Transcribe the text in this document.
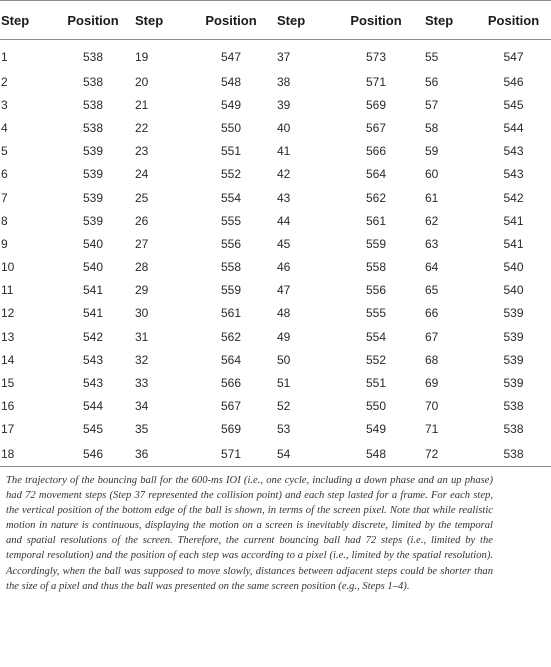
Step	Position	Step	Position	Step	Position	Step	Position
1	538	19	547	37	573	55	547
2	538	20	548	38	571	56	546
3	538	21	549	39	569	57	545
4	538	22	550	40	567	58	544
5	539	23	551	41	566	59	543
6	539	24	552	42	564	60	543
7	539	25	554	43	562	61	542
8	539	26	555	44	561	62	541
9	540	27	556	45	559	63	541
10	540	28	558	46	558	64	540
11	541	29	559	47	556	65	540
12	541	30	561	48	555	66	539
13	542	31	562	49	554	67	539
14	543	32	564	50	552	68	539
15	543	33	566	51	551	69	539
16	544	34	567	52	550	70	538
17	545	35	569	53	549	71	538
18	546	36	571	54	548	72	538

The trajectory of the bouncing ball for the 600-ms IOI (i.e., one cycle, including a down phase and an up phase) had 72 movement steps (Step 37 represented the collision point) and each step lasted for a frame. For each step, the vertical position of the bottom edge of the ball is shown, in terms of the screen pixel. Note that while realistic motion in nature is continuous, displaying the motion on a screen is inevitably discrete, limited by the temporal and spatial resolutions of the screen. Therefore, the current bouncing ball had 72 steps (i.e., limited by the temporal resolution) and the position of each step was according to a pixel (i.e., limited by the spatial resolution). Accordingly, when the ball was supposed to move slowly, distances between adjacent steps could be shorter than the size of a pixel and thus the ball was presented on the same screen position (e.g., Steps 1–4).
